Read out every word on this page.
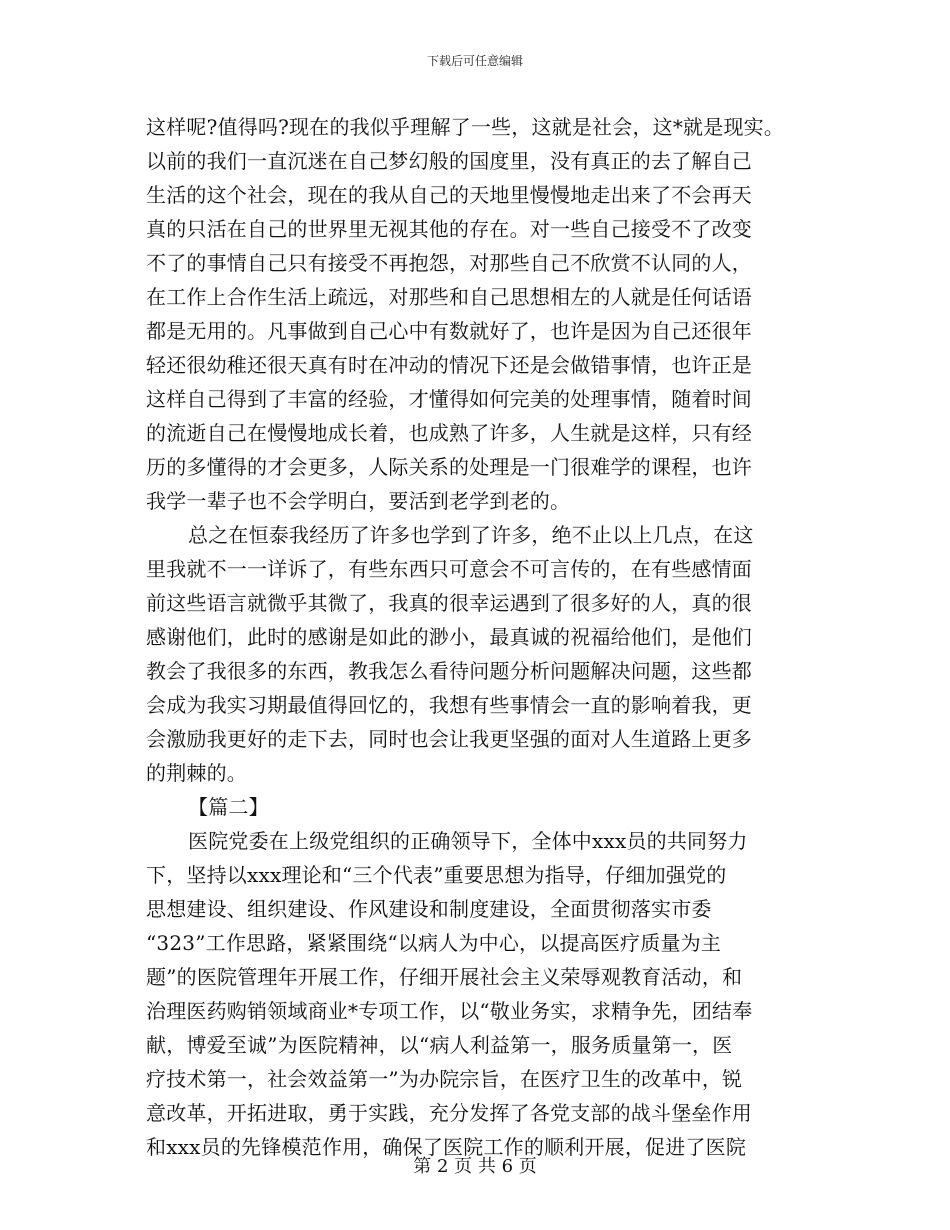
下载后可任意编辑
这样呢?值得吗?现在的我似乎理解了一些，这就是社会，这*就是现实。
以前的我们一直沉迷在自己梦幻般的国度里，没有真正的去了解自己
生活的这个社会，现在的我从自己的天地里慢慢地走出来了不会再天
真的只活在自己的世界里无视其他的存在。对一些自己接受不了改变
不了的事情自己只有接受不再抱怨，对那些自己不欣赏不认同的人，
在工作上合作生活上疏远，对那些和自己思想相左的人就是任何话语
都是无用的。凡事做到自己心中有数就好了，也许是因为自己还很年
轻还很幼稚还很天真有时在冲动的情况下还是会做错事情，也许正是
这样自己得到了丰富的经验，才懂得如何完美的处理事情，随着时间
的流逝自己在慢慢地成长着，也成熟了许多，人生就是这样，只有经
历的多懂得的才会更多，人际关系的处理是一门很难学的课程，也许
我学一辈子也不会学明白，要活到老学到老的。
总之在恒泰我经历了许多也学到了许多，绝不止以上几点，在这
里我就不一一详诉了，有些东西只可意会不可言传的，在有些感情面
前这些语言就微乎其微了，我真的很幸运遇到了很多好的人，真的很
感谢他们，此时的感谢是如此的渺小，最真诚的祝福给他们，是他们
教会了我很多的东西，教我怎么看待问题分析问题解决问题，这些都
会成为我实习期最值得回忆的，我想有些事情会一直的影响着我，更
会激励我更好的走下去，同时也会让我更坚强的面对人生道路上更多
的荆棘的。
【篇二】
医院党委在上级党组织的正确领导下，全体中xxx员的共同努力
下，坚持以xxx理论和“三个代表”重要思想为指导，仔细加强党的
思想建设、组织建设、作风建设和制度建设，全面贯彻落实市委
“323”工作思路，紧紧围绕“以病人为中心，以提高医疗质量为主
题”的医院管理年开展工作，仔细开展社会主义荣辱观教育活动，和
治理医药购销领域商业*专项工作，以“敬业务实，求精争先，团结奉
献，博爱至诚”为医院精神，以“病人利益第一，服务质量第一，医
疗技术第一，社会效益第一”为办院宗旨，在医疗卫生的改革中，锐
意改革，开拓进取，勇于实践，充分发挥了各党支部的战斗堡垒作用
和xxx员的先锋模范作用，确保了医院工作的顺利开展，促进了医院
第 2 页 共 6 页
